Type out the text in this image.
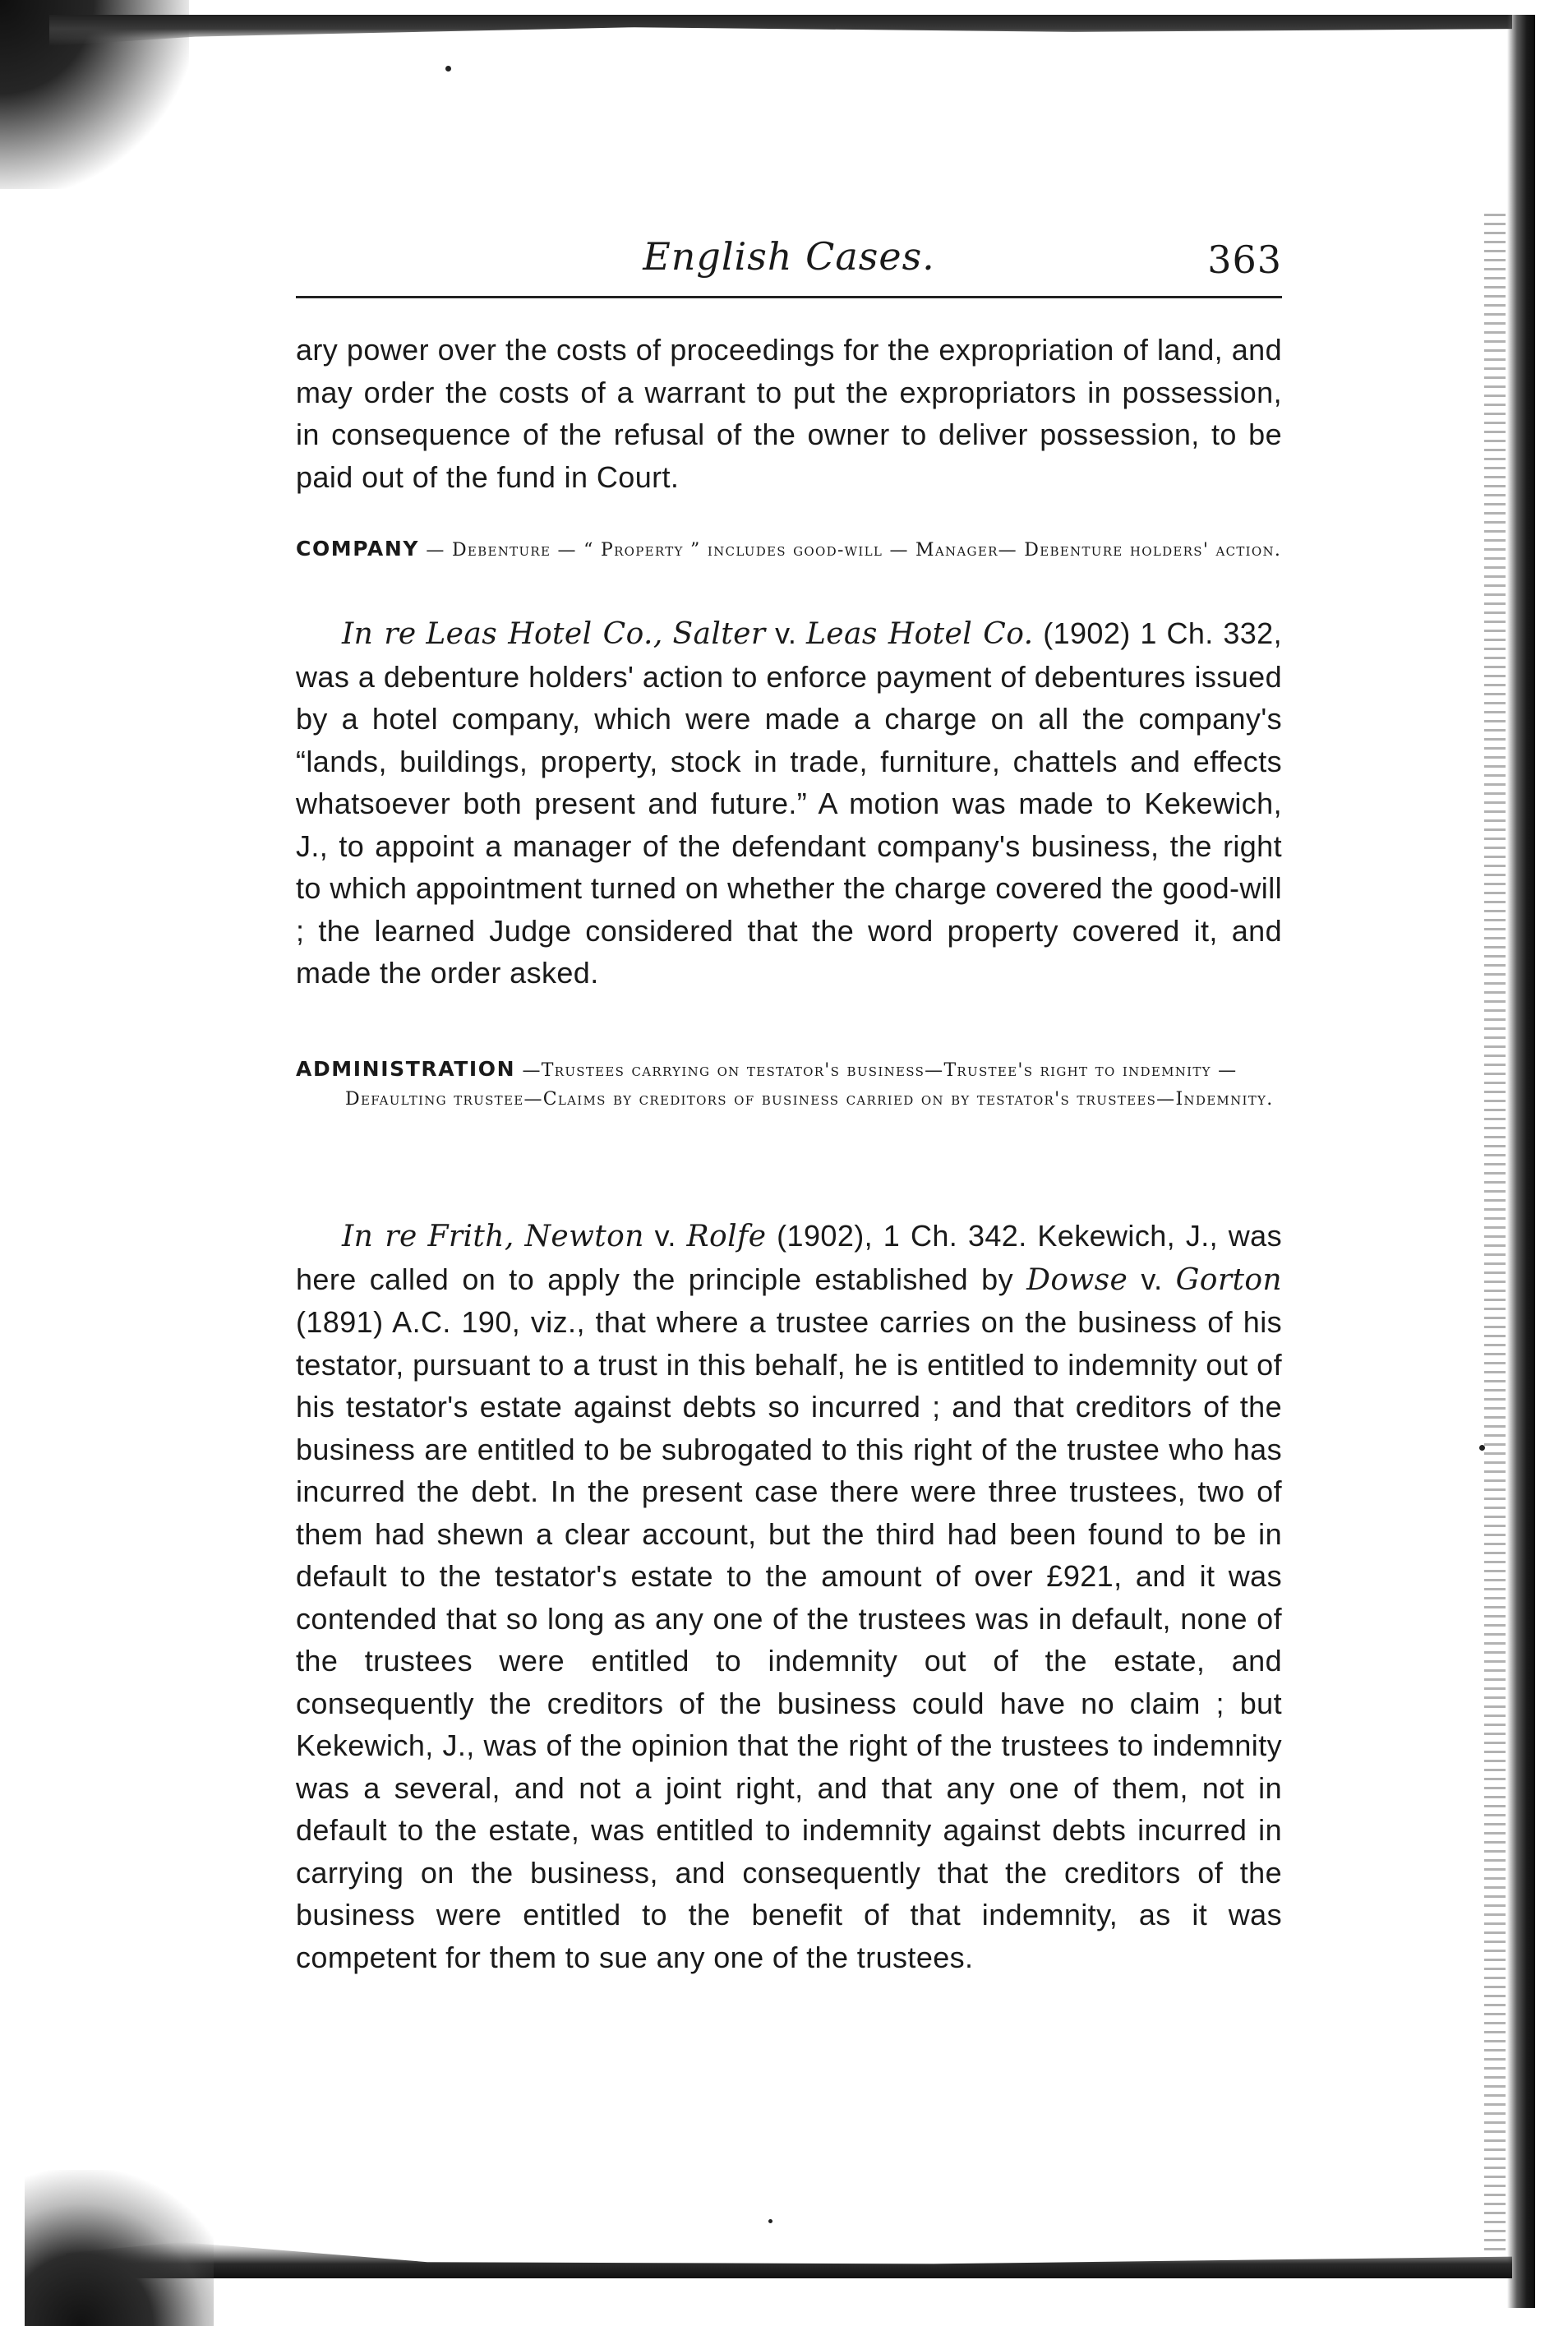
English Cases.	363
ary power over the costs of proceedings for the expropriation of land, and may order the costs of a warrant to put the expropriators in possession, in consequence of the refusal of the owner to deliver possession, to be paid out of the fund in Court.
COMPANY — Debenture — “ Property ” includes good-will — Manager— Debenture holders' action.
In re Leas Hotel Co., Salter v. Leas Hotel Co. (1902) 1 Ch. 332, was a debenture holders' action to enforce payment of debentures issued by a hotel company, which were made a charge on all the company's “lands, buildings, property, stock in trade, furniture, chattels and effects whatsoever both present and future.” A motion was made to Kekewich, J., to appoint a manager of the defendant company's business, the right to which appointment turned on whether the charge covered the good-will ; the learned Judge considered that the word property covered it, and made the order asked.
ADMINISTRATION —Trustees carrying on testator's business—Trustee's right to indemnity — Defaulting trustee—Claims by creditors of business carried on by testator's trustees—Indemnity.
In re Frith, Newton v. Rolfe (1902), 1 Ch. 342. Kekewich, J., was here called on to apply the principle established by Dowse v. Gorton (1891) A.C. 190, viz., that where a trustee carries on the business of his testator, pursuant to a trust in this behalf, he is entitled to indemnity out of his testator's estate against debts so incurred ; and that creditors of the business are entitled to be subrogated to this right of the trustee who has incurred the debt. In the present case there were three trustees, two of them had shewn a clear account, but the third had been found to be in default to the testator's estate to the amount of over £921, and it was contended that so long as any one of the trustees was in default, none of the trustees were entitled to indemnity out of the estate, and consequently the creditors of the business could have no claim ; but Kekewich, J., was of the opinion that the right of the trustees to indemnity was a several, and not a joint right, and that any one of them, not in default to the estate, was entitled to indemnity against debts incurred in carrying on the business, and consequently that the creditors of the business were entitled to the benefit of that indemnity, as it was competent for them to sue any one of the trustees.
